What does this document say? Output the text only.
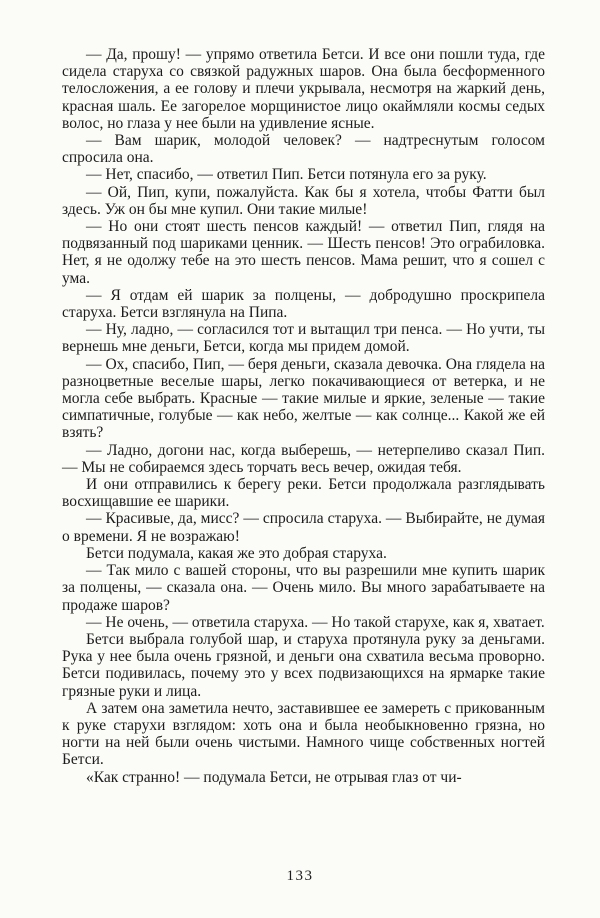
— Да, прошу! — упрямо ответила Бетси. И все они пошли туда, где сидела старуха со связкой радужных шаров. Она была бесформенного телосложения, а ее голову и плечи укрывала, несмотря на жаркий день, красная шаль. Ее загорелое морщинистое лицо окаймляли космы седых волос, но глаза у нее были на удивление ясные.

— Вам шарик, молодой человек? — надтреснутым голосом спросила она.

— Нет, спасибо, — ответил Пип. Бетси потянула его за руку.

— Ой, Пип, купи, пожалуйста. Как бы я хотела, чтобы Фатти был здесь. Уж он бы мне купил. Они такие милые!

— Но они стоят шесть пенсов каждый! — ответил Пип, глядя на подвязанный под шариками ценник. — Шесть пенсов! Это ограбиловка. Нет, я не одолжу тебе на это шесть пенсов. Мама решит, что я сошел с ума.

— Я отдам ей шарик за полцены, — добродушно проскрипела старуха. Бетси взглянула на Пипа.

— Ну, ладно, — согласился тот и вытащил три пенса. — Но учти, ты вернешь мне деньги, Бетси, когда мы придем домой.

— Ох, спасибо, Пип, — беря деньги, сказала девочка. Она глядела на разноцветные веселые шары, легко покачивающиеся от ветерка, и не могла себе выбрать. Красные — такие милые и яркие, зеленые — такие симпатичные, голубые — как небо, желтые — как солнце... Какой же ей взять?

— Ладно, догони нас, когда выберешь, — нетерпеливо сказал Пип. — Мы не собираемся здесь торчать весь вечер, ожидая тебя.

И они отправились к берегу реки. Бетси продолжала разглядывать восхищавшие ее шарики.

— Красивые, да, мисс? — спросила старуха. — Выбирайте, не думая о времени. Я не возражаю!

Бетси подумала, какая же это добрая старуха.

— Так мило с вашей стороны, что вы разрешили мне купить шарик за полцены, — сказала она. — Очень мило. Вы много зарабатываете на продаже шаров?

— Не очень, — ответила старуха. — Но такой старухе, как я, хватает.

Бетси выбрала голубой шар, и старуха протянула руку за деньгами. Рука у нее была очень грязной, и деньги она схватила весьма проворно. Бетси подивилась, почему это у всех подвизающихся на ярмарке такие грязные руки и лица.

А затем она заметила нечто, заставившее ее замереть с прикованным к руке старухи взглядом: хоть она и была необыкновенно грязна, но ногти на ней были очень чистыми. Намного чище собственных ногтей Бетси.

«Как странно! — подумала Бетси, не отрывая глаз от чи-

133
